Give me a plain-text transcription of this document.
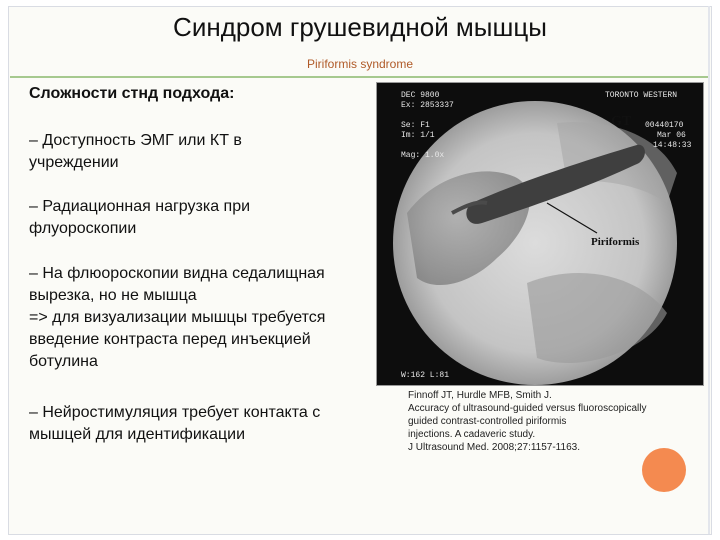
Синдром грушевидной мышцы
Piriformis syndrome
Сложности стнд подхода:
– Доступность ЭМГ или КТ в
учреждении
– Радиационная нагрузка при
флуороскопии
– На флюороскопии видна седалищная
вырезка, но не мышца
=> для визуализации мышцы требуется
введение контраста перед инъекцией
ботулина
– Нейростимуляция требует контакта с
мышцей для идентификации
DEC 9800
Ex: 2853337
Se: F1
Im: 1/1
Mag: 1.0x
TORONTO WESTERN
00440170
Mar 06
14:48:33
W:162 L:81
GT
Piriformis
Finnoff JT, Hurdle MFB, Smith J.
Accuracy of ultrasound-guided versus fluoroscopically
guided contrast-controlled piriformis
injections. A cadaveric study.
J Ultrasound Med. 2008;27:1157-1163.
